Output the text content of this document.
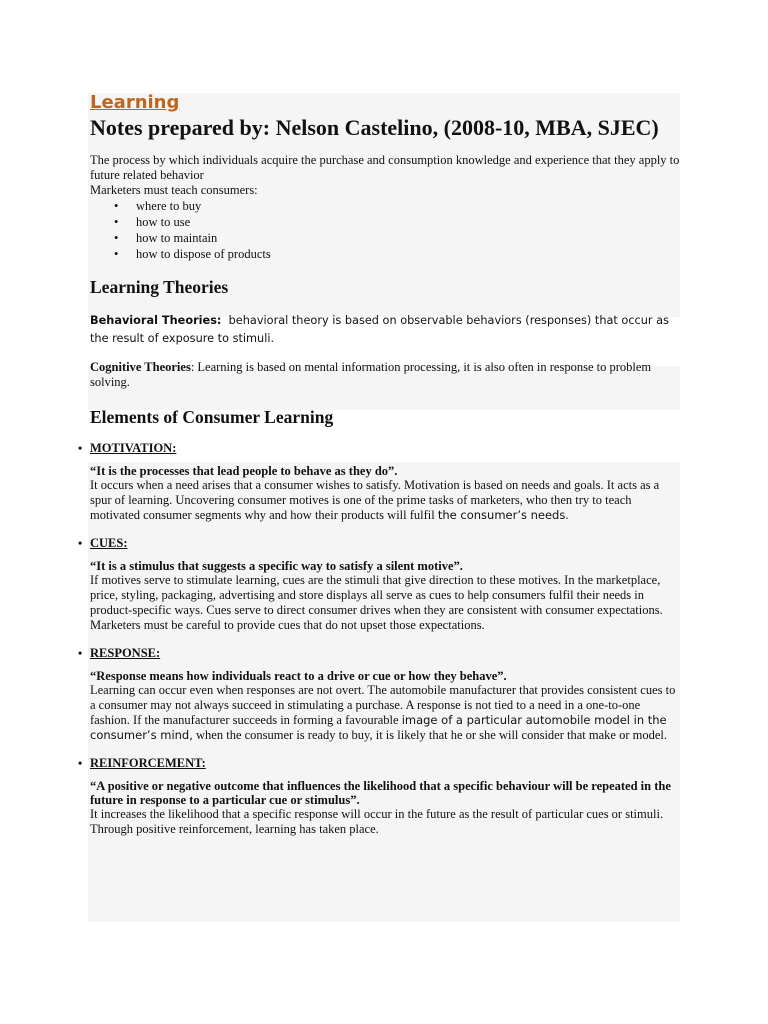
Learning

Notes prepared by: Nelson Castelino, (2008-10, MBA, SJEC)

The process by which individuals acquire the purchase and consumption knowledge and experience that they apply to future related behavior

Marketers must teach consumers:

• where to buy
• how to use
• how to maintain
• how to dispose of products
Learning Theories

Behavioral Theories: behavioral theory is based on observable behaviors (responses) that occur as the result of exposure to stimuli.

Cognitive Theories: Learning is based on mental information processing, it is also often in response to problem solving.

Elements of Consumer Learning

• MOTIVATION:

“It is the processes that lead people to behave as they do”.

It occurs when a need arises that a consumer wishes to satisfy. Motivation is based on needs and goals. It acts as a spur of learning. Uncovering consumer motives is one of the prime tasks of marketers, who then try to teach motivated consumer segments why and how their products will fulfil the consumer’s needs.

• CUES:

“It is a stimulus that suggests a specific way to satisfy a silent motive”.

If motives serve to stimulate learning, cues are the stimuli that give direction to these motives. In the marketplace, price, styling, packaging, advertising and store displays all serve as cues to help consumers fulfil their needs in product-specific ways. Cues serve to direct consumer drives when they are consistent with consumer expectations. Marketers must be careful to provide cues that do not upset those expectations.

• RESPONSE:

“Response means how individuals react to a drive or cue or how they behave”.

Learning can occur even when responses are not overt. The automobile manufacturer that provides consistent cues to a consumer may not always succeed in stimulating a purchase. A response is not tied to a need in a one-to-one fashion. If the manufacturer succeeds in forming a favourable image of a particular automobile model in the consumer’s mind, when the consumer is ready to buy, it is likely that he or she will consider that make or model.

• REINFORCEMENT:

“A positive or negative outcome that influences the likelihood that a specific behaviour will be repeated in the future in response to a particular cue or stimulus”.

It increases the likelihood that a specific response will occur in the future as the result of particular cues or stimuli. Through positive reinforcement, learning has taken place.
